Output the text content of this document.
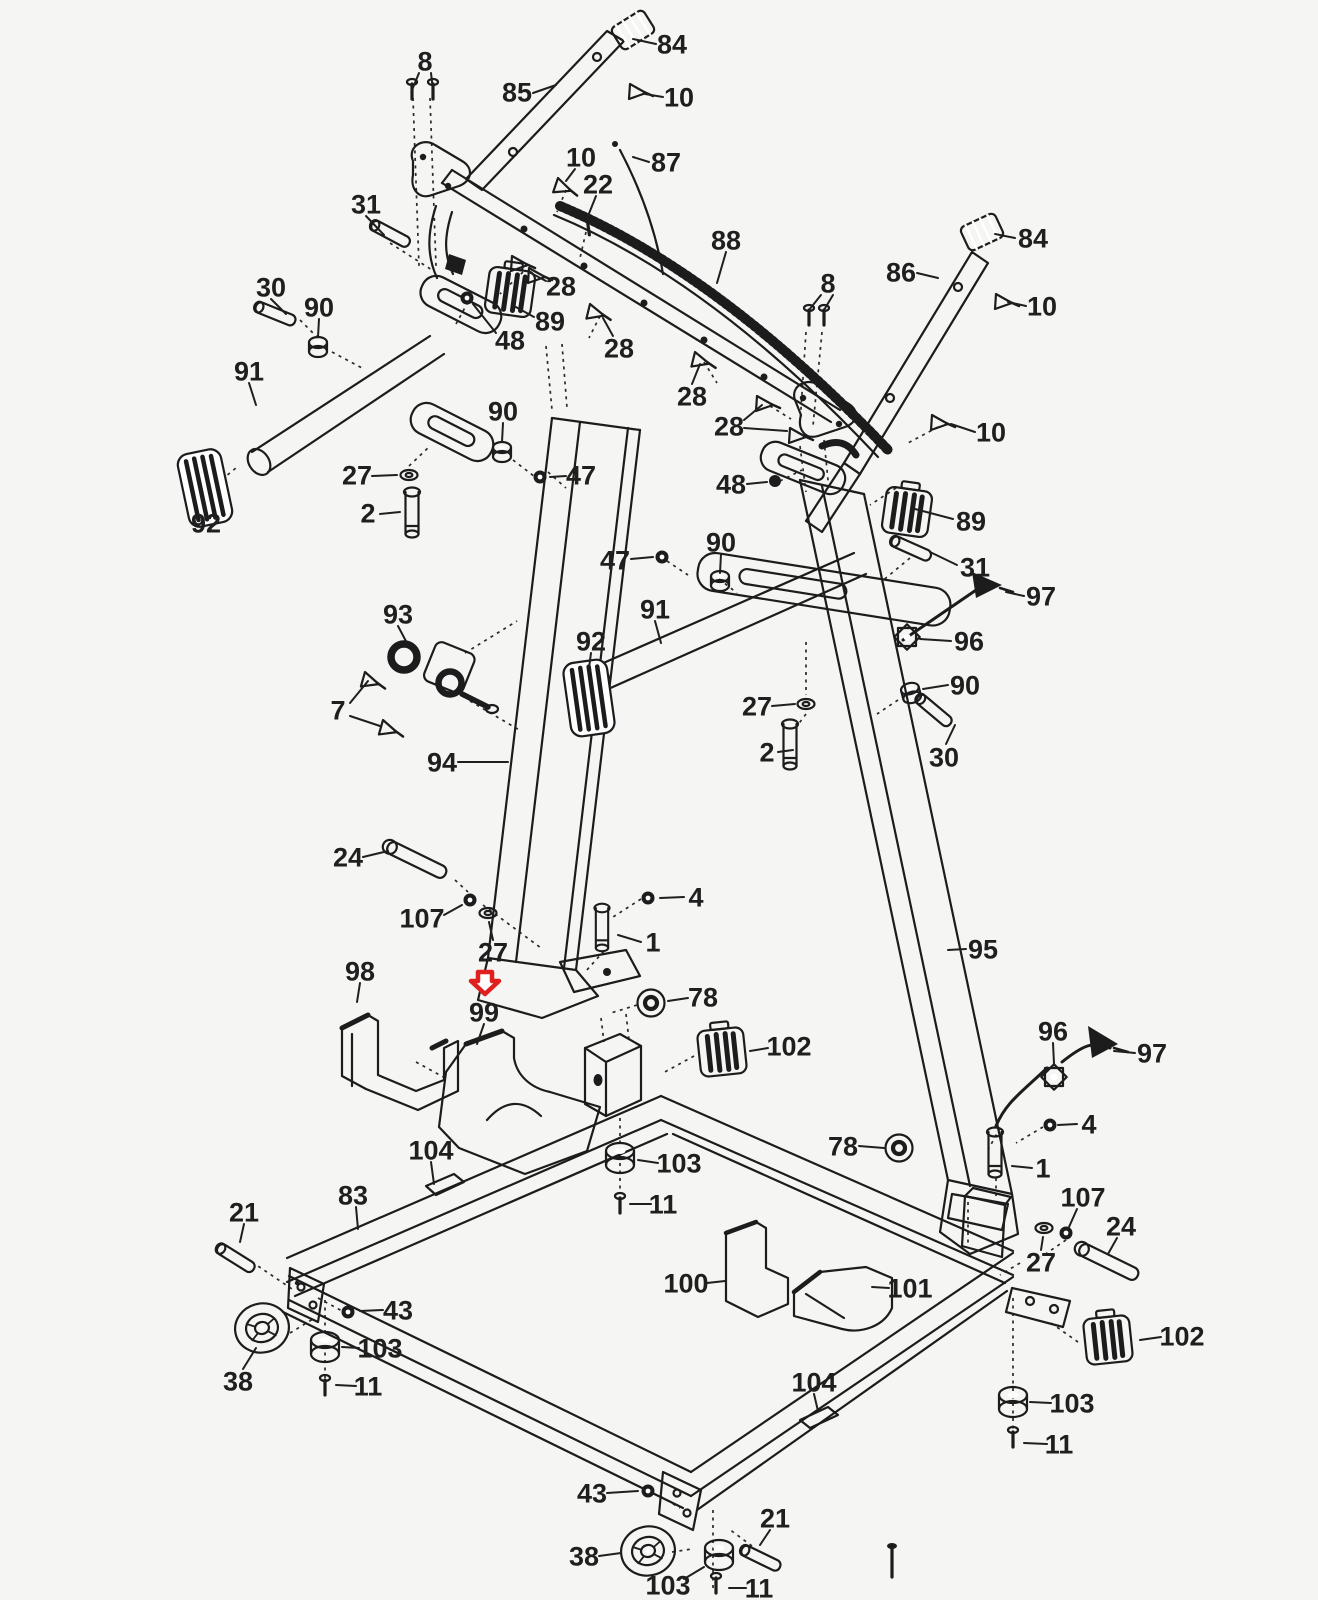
84
8
85	10
10 87
22
31
88
86
84
8
10
30
90
28
89
48	28
91
28
28	10
90
47
27
2
92
48
89
47	31
97
90
91
96
92
27
90
2	30
93
7
94
95
24
107
27
4
1
98
99	78
102	96
97
4
78
1
107
24
27
104
83
21
103
11
100	101
104
102
103
11
43
103
38	11
43
21
38
103 11
